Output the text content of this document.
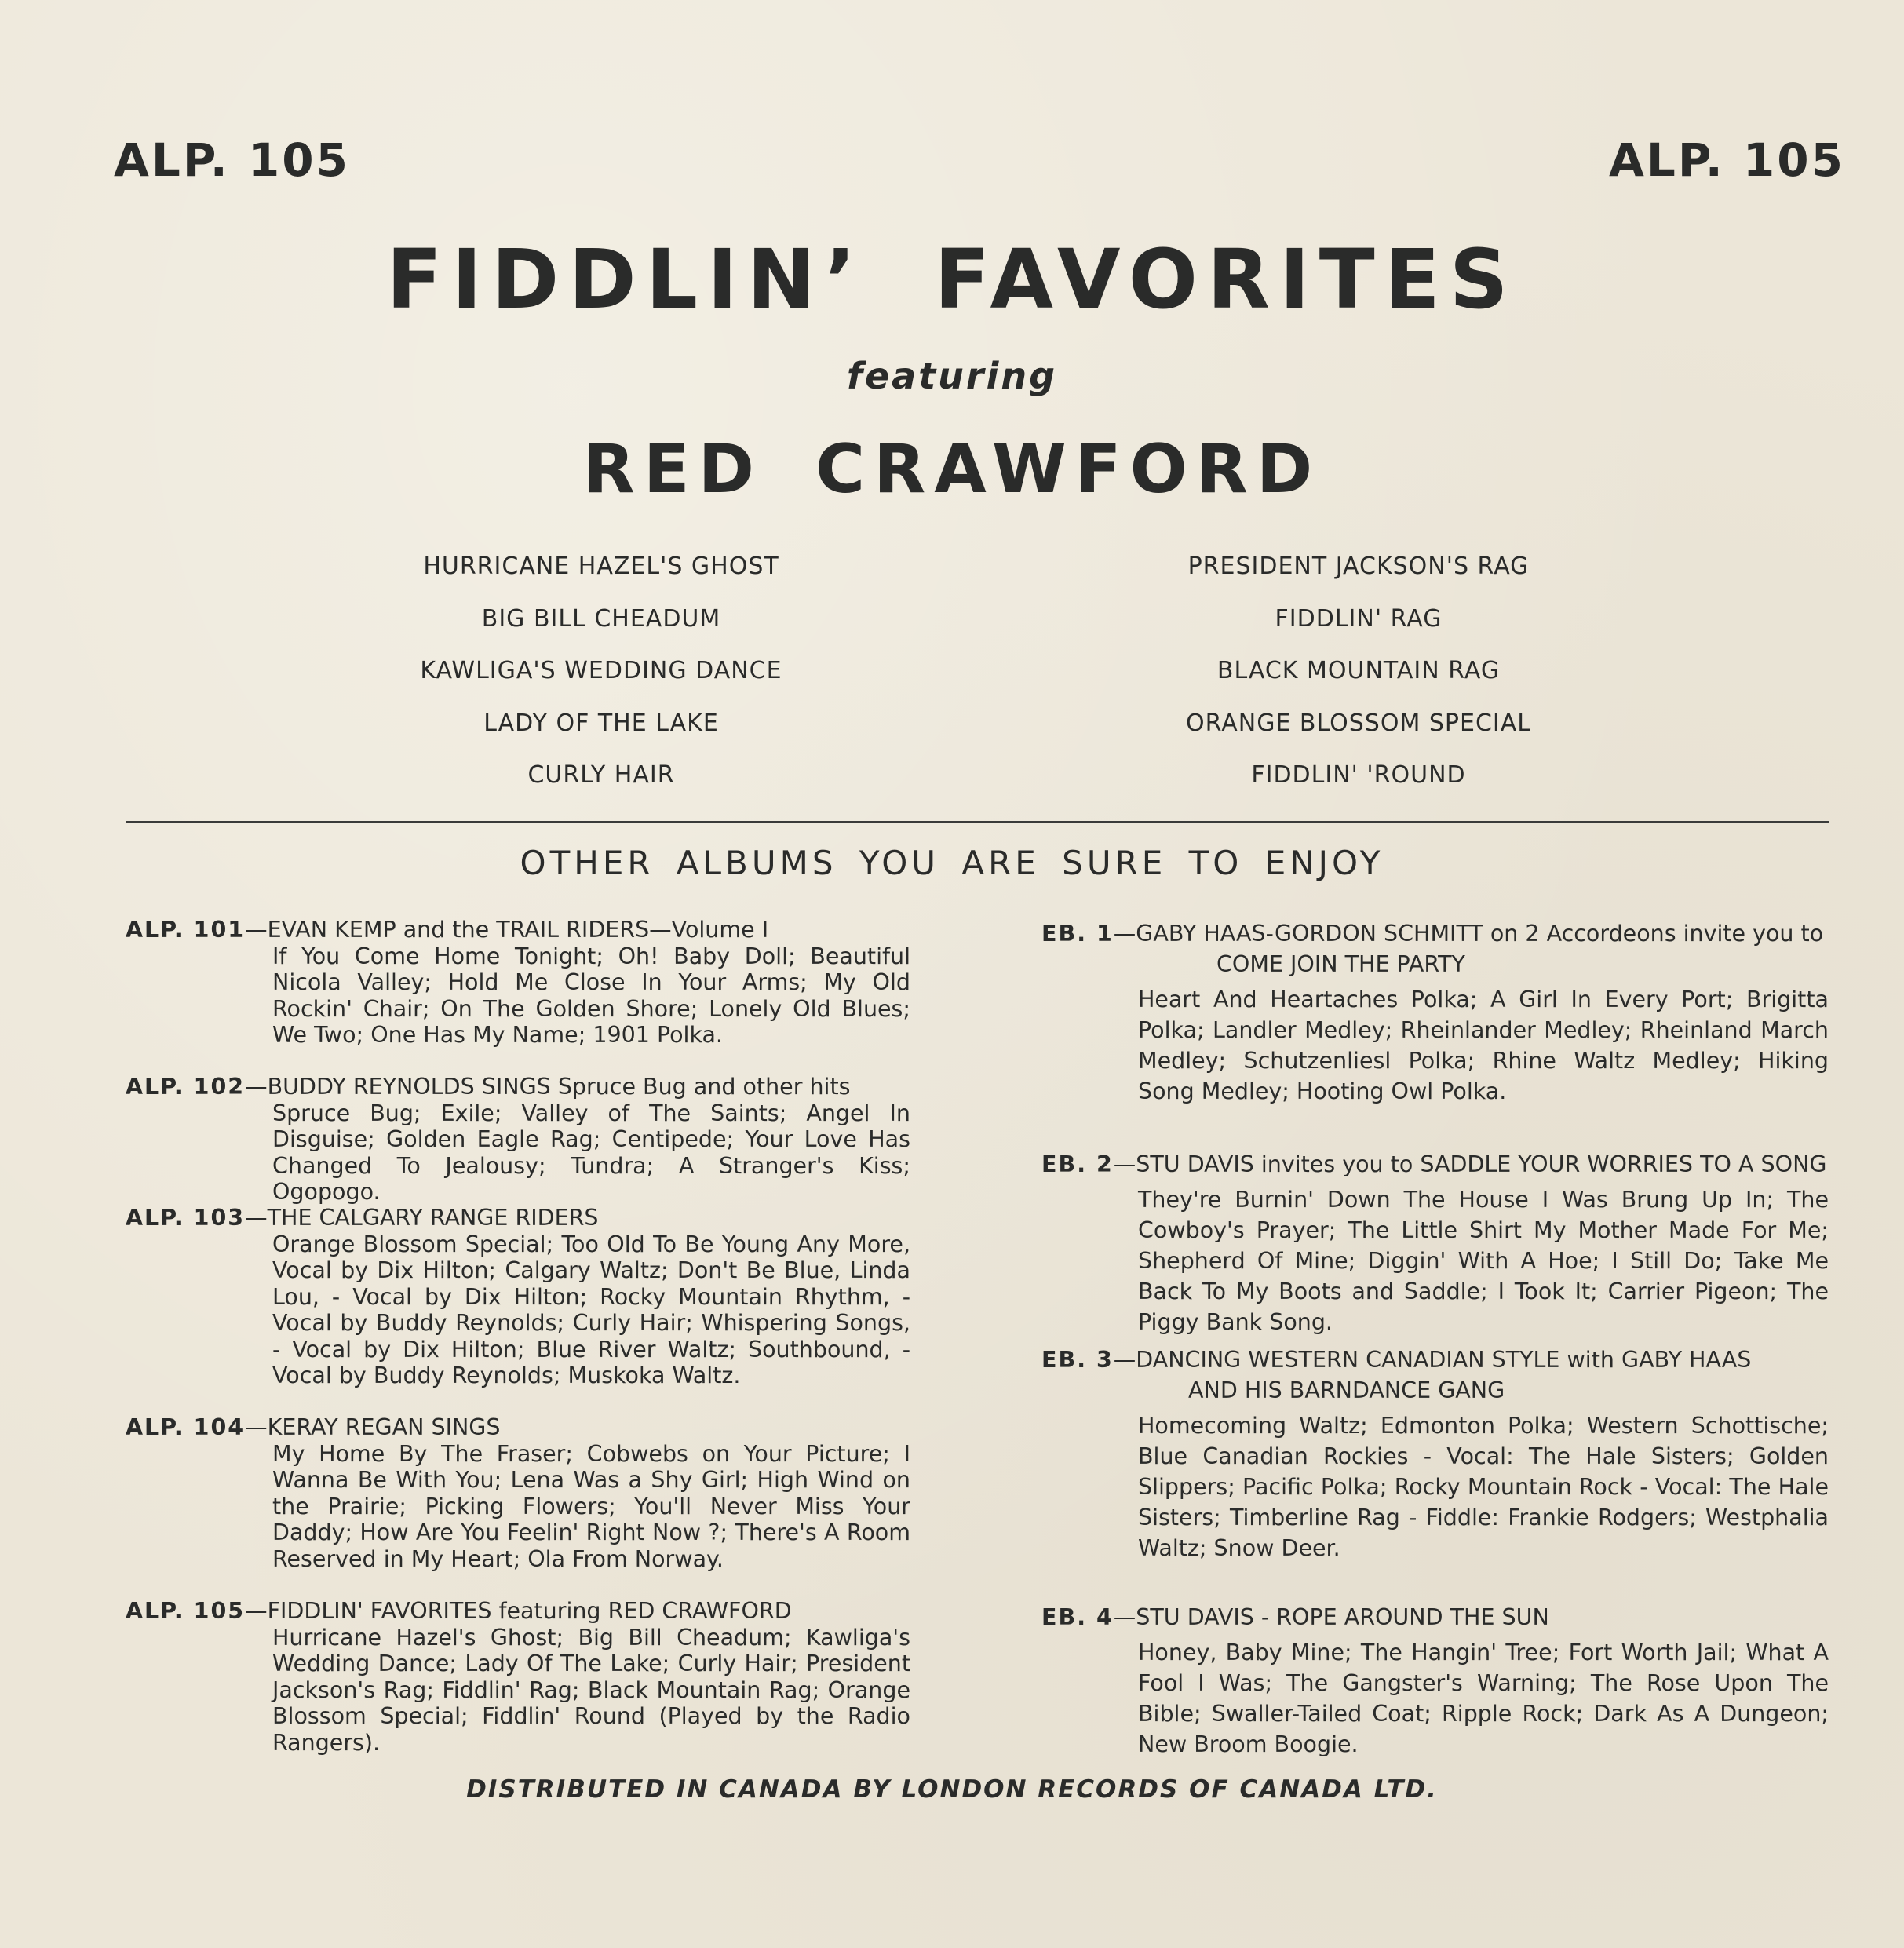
ALP. 105	ALP. 105
FIDDLIN’ FAVORITES
featuring
RED CRAWFORD
HURRICANE HAZEL'S GHOST
BIG BILL CHEADUM
KAWLIGA'S WEDDING DANCE
LADY OF THE LAKE
CURLY HAIR
PRESIDENT JACKSON'S RAG
FIDDLIN' RAG
BLACK MOUNTAIN RAG
ORANGE BLOSSOM SPECIAL
FIDDLIN' 'ROUND
OTHER ALBUMS YOU ARE SURE TO ENJOY
ALP. 101—EVAN KEMP and the TRAIL RIDERS—Volume I
If You Come Home Tonight; Oh! Baby Doll; Beautiful Nicola Valley; Hold Me Close In Your Arms; My Old Rockin' Chair; On The Golden Shore; Lonely Old Blues; We Two; One Has My Name; 1901 Polka.
ALP. 102—BUDDY REYNOLDS SINGS Spruce Bug and other hits
Spruce Bug; Exile; Valley of The Saints; Angel In Disguise; Golden Eagle Rag; Centipede; Your Love Has Changed To Jealousy; Tundra; A Stranger's Kiss; Ogopogo.
ALP. 103—THE CALGARY RANGE RIDERS
Orange Blossom Special; Too Old To Be Young Any More, Vocal by Dix Hilton; Calgary Waltz; Don't Be Blue, Linda Lou, - Vocal by Dix Hilton; Rocky Mountain Rhythm, - Vocal by Buddy Reynolds; Curly Hair; Whispering Songs, - Vocal by Dix Hilton; Blue River Waltz; Southbound, - Vocal by Buddy Reynolds; Muskoka Waltz.
ALP. 104—KERAY REGAN SINGS
My Home By The Fraser; Cobwebs on Your Picture; I Wanna Be With You; Lena Was a Shy Girl; High Wind on the Prairie; Picking Flowers; You'll Never Miss Your Daddy; How Are You Feelin' Right Now ?; There's A Room Reserved in My Heart; Ola From Norway.
ALP. 105—FIDDLIN' FAVORITES featuring RED CRAWFORD
Hurricane Hazel's Ghost; Big Bill Cheadum; Kawliga's Wedding Dance; Lady Of The Lake; Curly Hair; President Jackson's Rag; Fiddlin' Rag; Black Mountain Rag; Orange Blossom Special; Fiddlin' Round (Played by the Radio Rangers).
EB. 1—GABY HAAS-GORDON SCHMITT on 2 Accordeons invite you to
COME JOIN THE PARTY
Heart And Heartaches Polka; A Girl In Every Port; Brigitta Polka; Landler Medley; Rheinlander Medley; Rheinland March Medley; Schutzenliesl Polka; Rhine Waltz Medley; Hiking Song Medley; Hooting Owl Polka.
EB. 2—STU DAVIS invites you to SADDLE YOUR WORRIES TO A SONG
They're Burnin' Down The House I Was Brung Up In; The Cowboy's Prayer; The Little Shirt My Mother Made For Me; Shepherd Of Mine; Diggin' With A Hoe; I Still Do; Take Me Back To My Boots and Saddle; I Took It; Carrier Pigeon; The Piggy Bank Song.
EB. 3—DANCING WESTERN CANADIAN STYLE with GABY HAAS
AND HIS BARNDANCE GANG
Homecoming Waltz; Edmonton Polka; Western Schottische; Blue Canadian Rockies - Vocal: The Hale Sisters; Golden Slippers; Pacific Polka; Rocky Mountain Rock - Vocal: The Hale Sisters; Timberline Rag - Fiddle: Frankie Rodgers; Westphalia Waltz; Snow Deer.
EB. 4—STU DAVIS - ROPE AROUND THE SUN
Honey, Baby Mine; The Hangin' Tree; Fort Worth Jail; What A Fool I Was; The Gangster's Warning; The Rose Upon The Bible; Swaller-Tailed Coat; Ripple Rock; Dark As A Dungeon; New Broom Boogie.
DISTRIBUTED IN CANADA BY LONDON RECORDS OF CANADA LTD.
